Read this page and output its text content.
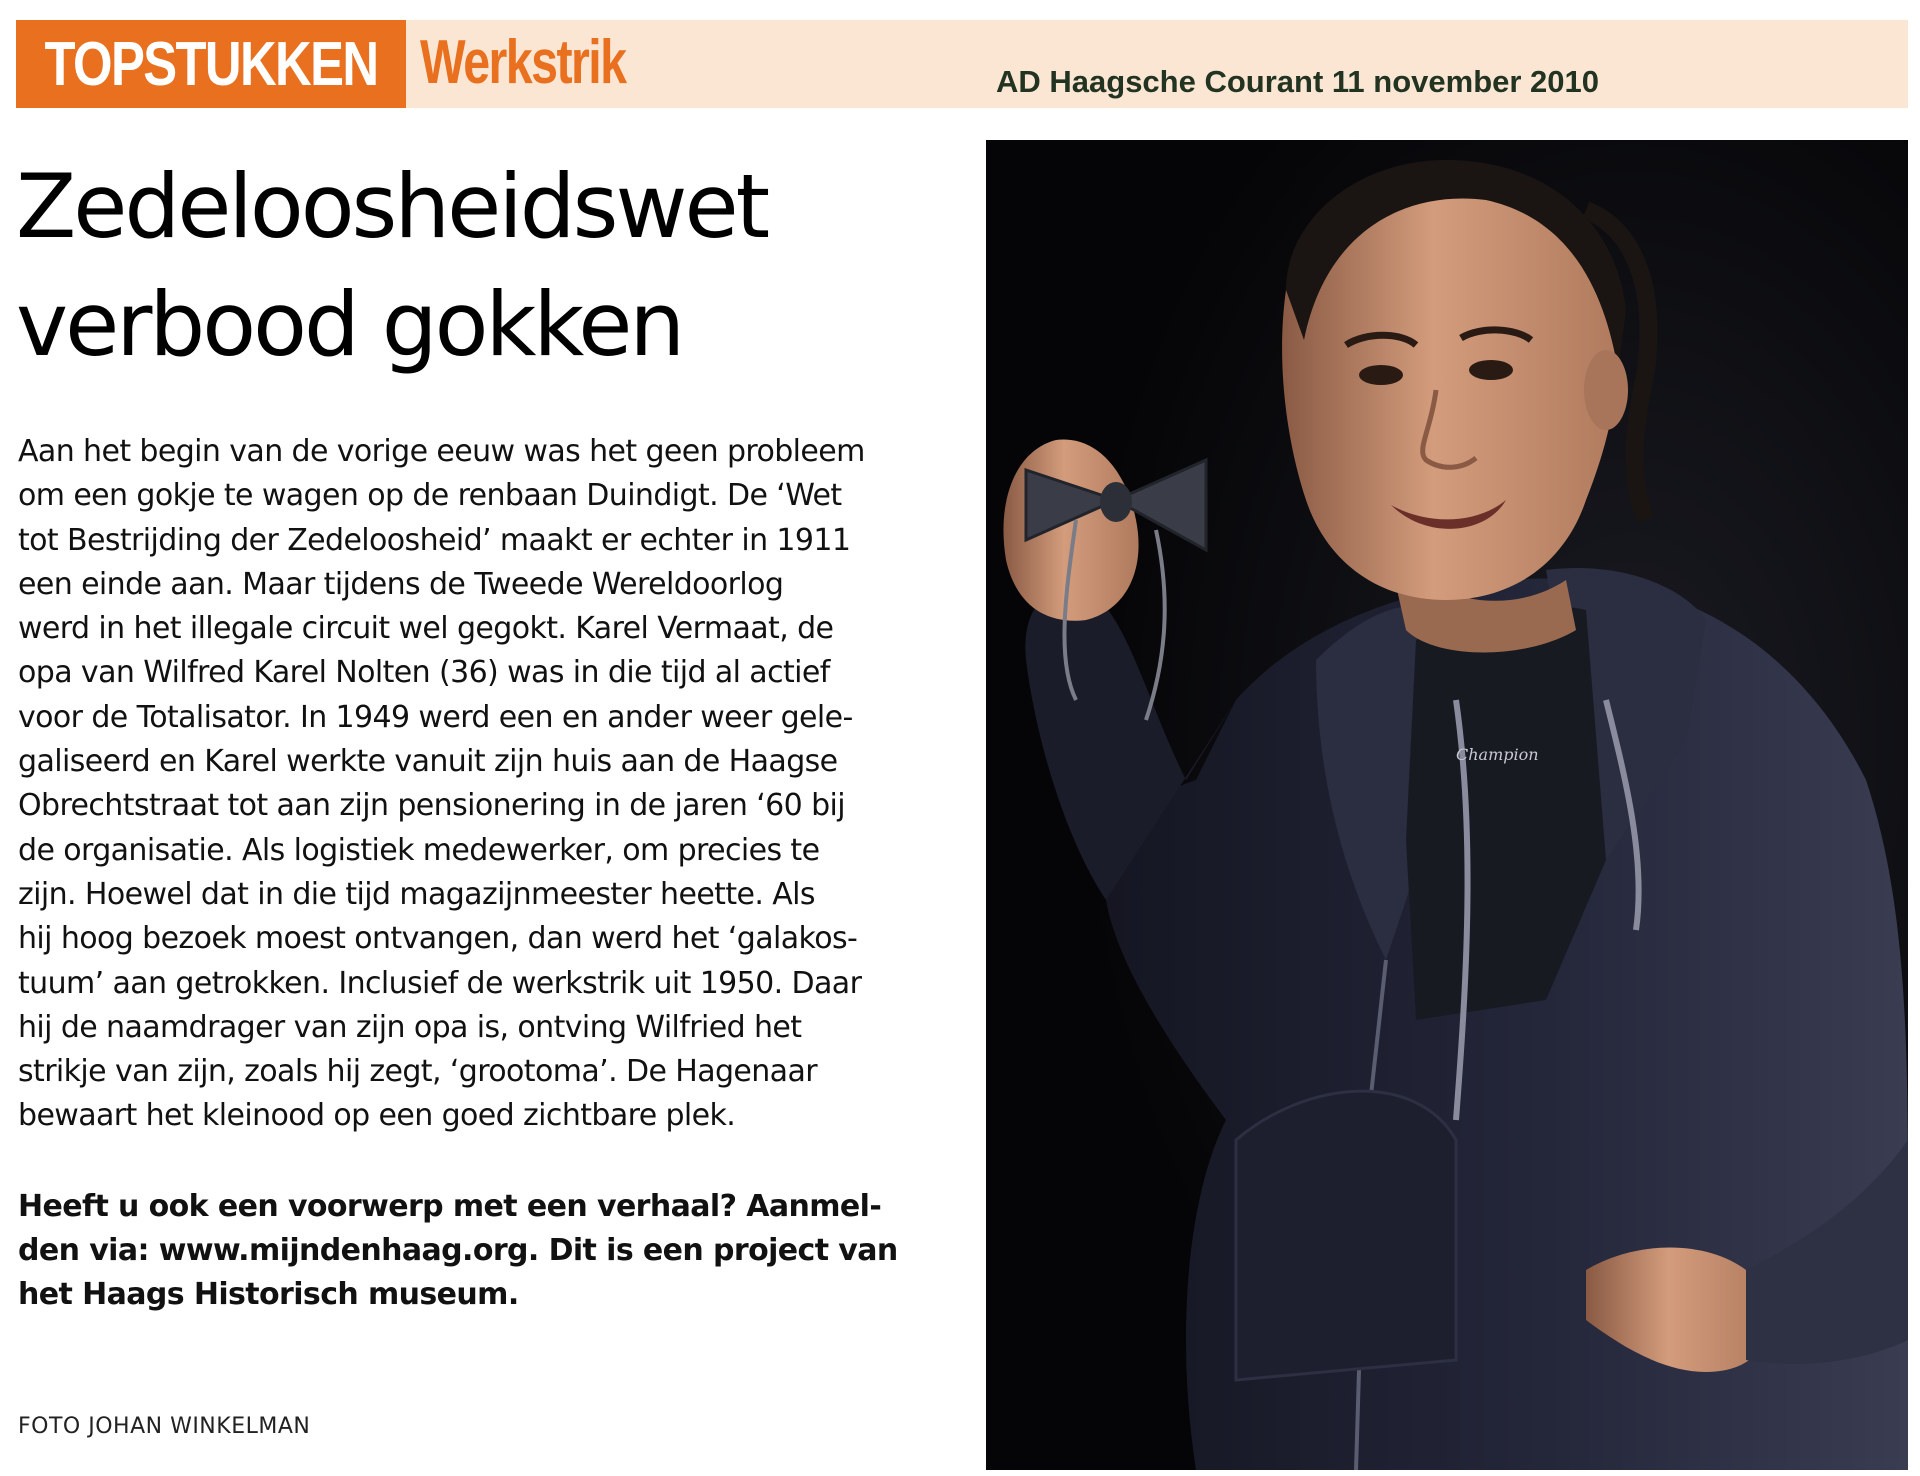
TOPSTUKKEN Werkstrik	AD Haagsche Courant 11 november 2010
Zedeloosheidswet
verbood gokken

Aan het begin van de vorige eeuw was het geen probleem
om een gokje te wagen op de renbaan Duindigt. De ‘Wet
tot Bestrijding der Zedeloosheid’ maakt er echter in 1911
een einde aan. Maar tijdens de Tweede Wereldoorlog
werd in het illegale circuit wel gegokt. Karel Vermaat, de
opa van Wilfred Karel Nolten (36) was in die tijd al actief
voor de Totalisator. In 1949 werd een en ander weer gele-
galiseerd en Karel werkte vanuit zijn huis aan de Haagse
Obrechtstraat tot aan zijn pensionering in de jaren ‘60 bij
de organisatie. Als logistiek medewerker, om precies te
zijn. Hoewel dat in die tijd magazijnmeester heette. Als
hij hoog bezoek moest ontvangen, dan werd het ‘galakos-
tuum’ aan getrokken. Inclusief de werkstrik uit 1950. Daar
hij de naamdrager van zijn opa is, ontving Wilfried het
strikje van zijn, zoals hij zegt, ‘grootoma’. De Hagenaar
bewaart het kleinood op een goed zichtbare plek.

Heeft u ook een voorwerp met een verhaal? Aanmel-
den via: www.mijndenhaag.org. Dit is een project van
het Haags Historisch museum.

FOTO JOHAN WINKELMAN
Champion
